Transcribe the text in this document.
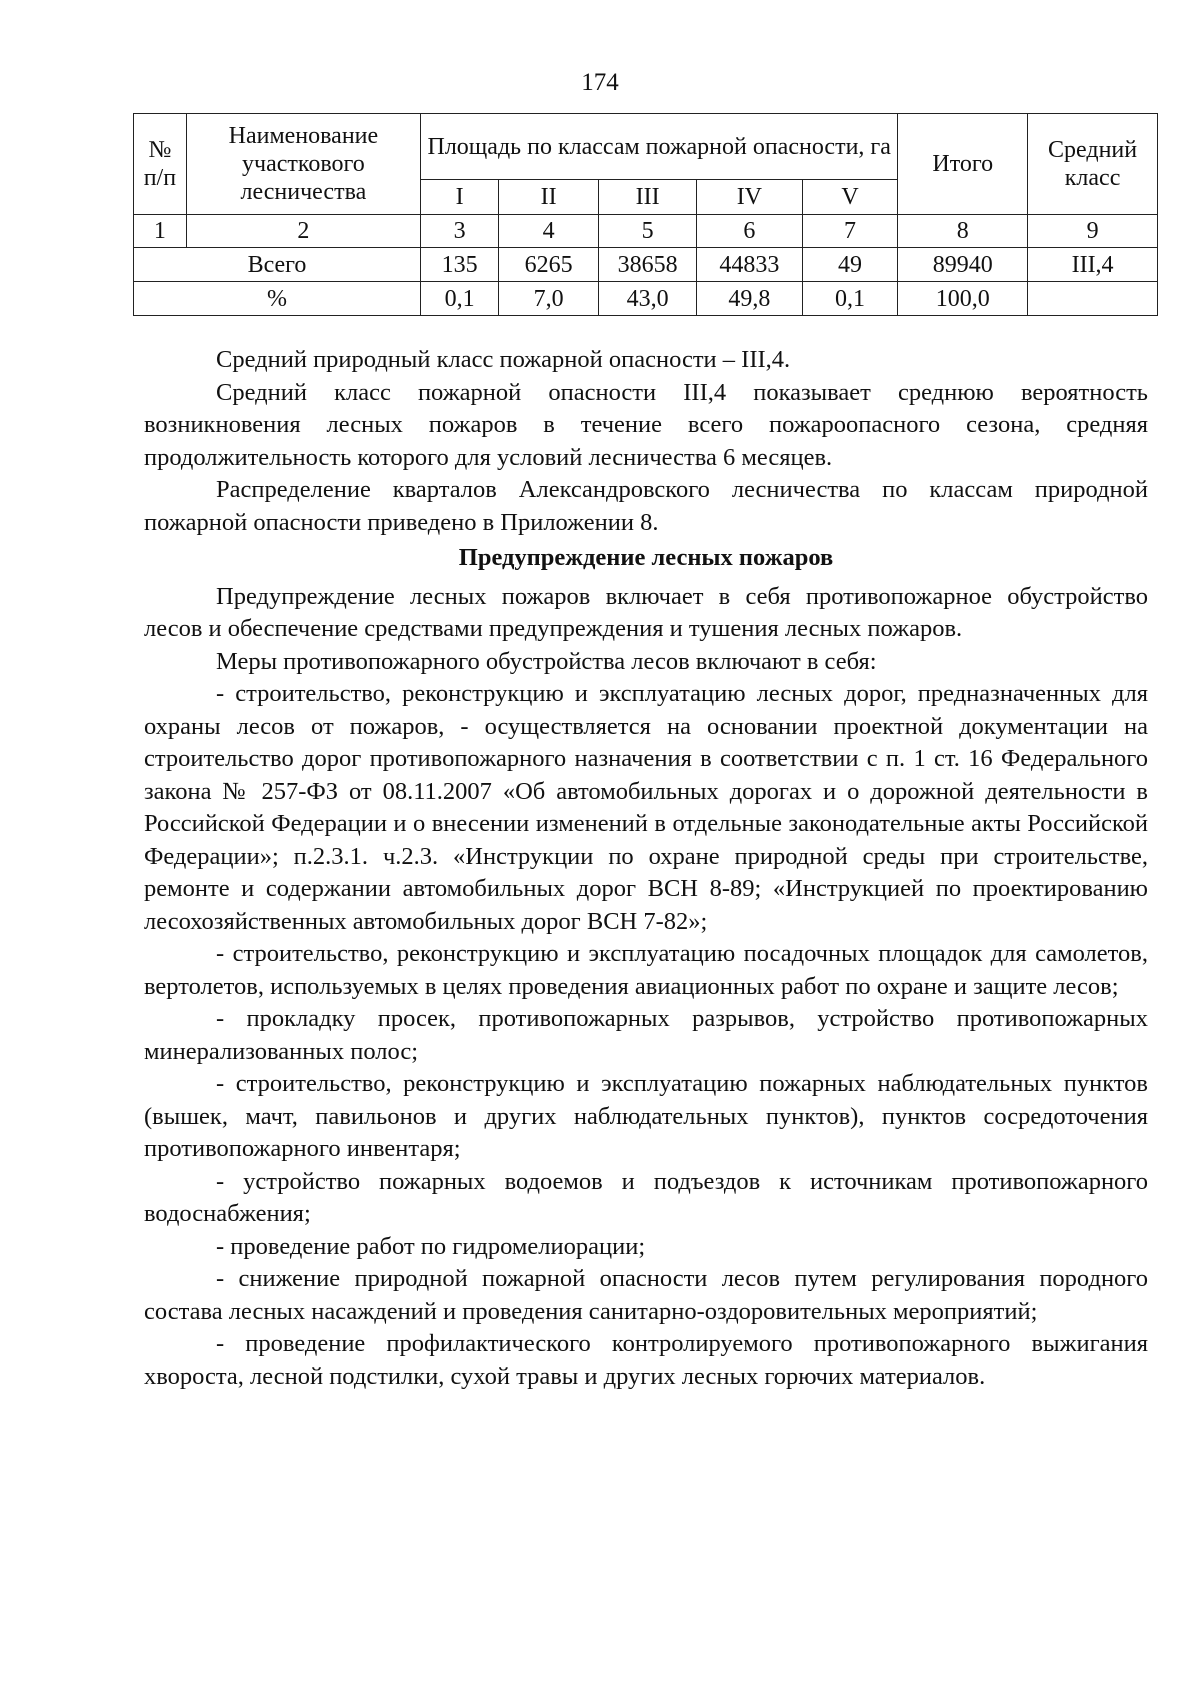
174
№ п/п	Наименование участкового лесничества	Площадь по классам пожарной опасности, га					Итого	Средний класс
		I	II	III	IV	V		
1	2	3	4	5	6	7	8	9
Всего		135	6265	38658	44833	49	89940	III,4
%		0,1	7,0	43,0	49,8	0,1	100,0	

Средний природный класс пожарной опасности – III,4.

Средний класс пожарной опасности III,4 показывает среднюю вероятность возникновения лесных пожаров в течение всего пожароопасного сезона, средняя продолжительность которого для условий лесничества 6 месяцев.

Распределение кварталов Александровского лесничества по классам природной пожарной опасности приведено в Приложении 8.

Предупреждение лесных пожаров

Предупреждение лесных пожаров включает в себя противопожарное обустройство лесов и обеспечение средствами предупреждения и тушения лесных пожаров.

Меры противопожарного обустройства лесов включают в себя:

- строительство, реконструкцию и эксплуатацию лесных дорог, предназначенных для охраны лесов от пожаров, - осуществляется на основании проектной документации на строительство дорог противопожарного назначения в соответствии с п. 1 ст. 16 Федерального закона № 257-ФЗ от 08.11.2007 «Об автомобильных дорогах и о дорожной деятельности в Российской Федерации и о внесении изменений в отдельные законодательные акты Российской Федерации»; п.2.3.1. ч.2.3. «Инструкции по охране природной среды при строительстве, ремонте и содержании автомобильных дорог ВСН 8-89; «Инструкцией по проектированию лесохозяйственных автомобильных дорог ВСН 7-82»;

- строительство, реконструкцию и эксплуатацию посадочных площадок для самолетов, вертолетов, используемых в целях проведения авиационных работ по охране и защите лесов;

- прокладку просек, противопожарных разрывов, устройство противопожарных минерализованных полос;

- строительство, реконструкцию и эксплуатацию пожарных наблюдательных пунктов (вышек, мачт, павильонов и других наблюдательных пунктов), пунктов сосредоточения противопожарного инвентаря;

- устройство пожарных водоемов и подъездов к источникам противопожарного водоснабжения;

- проведение работ по гидромелиорации;

- снижение природной пожарной опасности лесов путем регулирования породного состава лесных насаждений и проведения санитарно-оздоровительных мероприятий;

- проведение профилактического контролируемого противопожарного выжигания хвороста, лесной подстилки, сухой травы и других лесных горючих материалов.
